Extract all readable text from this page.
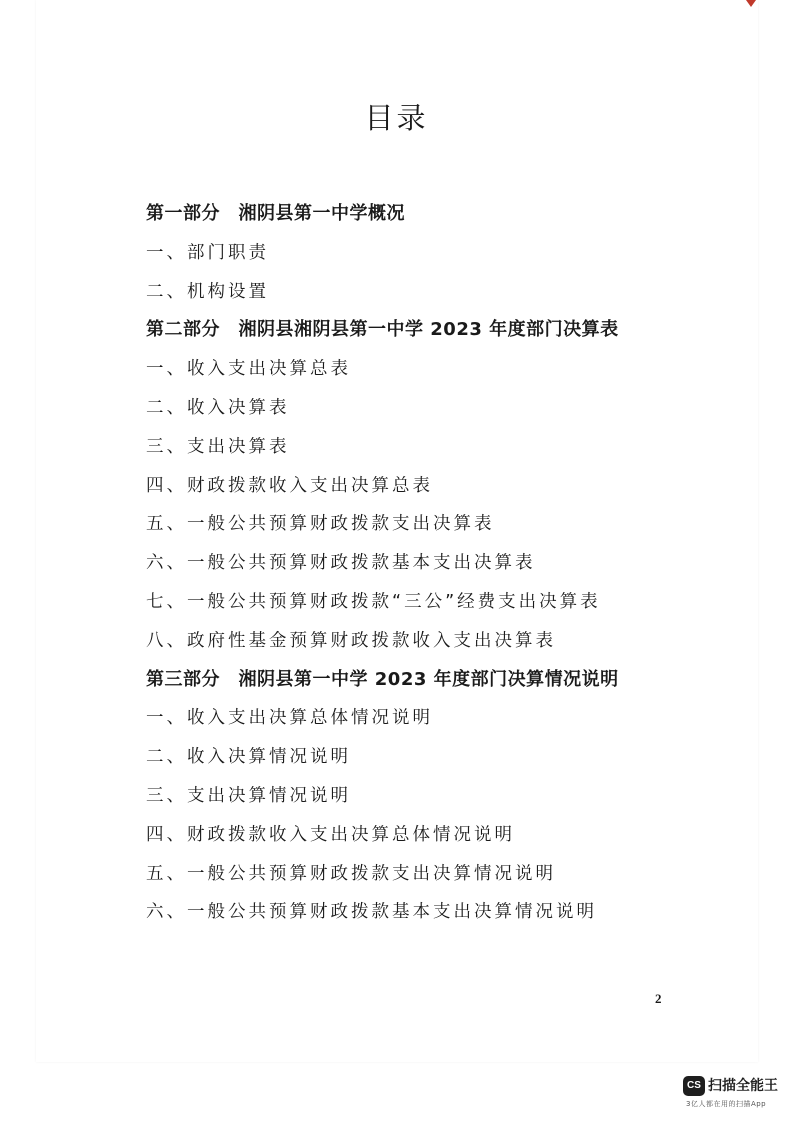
目录
第一部分　湘阴县第一中学概况
一、部门职责
二、机构设置
第二部分　湘阴县湘阴县第一中学 2023 年度部门决算表
一、收入支出决算总表
二、收入决算表
三、支出决算表
四、财政拨款收入支出决算总表
五、一般公共预算财政拨款支出决算表
六、一般公共预算财政拨款基本支出决算表
七、一般公共预算财政拨款“三公”经费支出决算表
八、政府性基金预算财政拨款收入支出决算表
第三部分　湘阴县第一中学 2023 年度部门决算情况说明
一、收入支出决算总体情况说明
二、收入决算情况说明
三、支出决算情况说明
四、财政拨款收入支出决算总体情况说明
五、一般公共预算财政拨款支出决算情况说明
六、一般公共预算财政拨款基本支出决算情况说明
2
CS 扫描全能王
3亿人都在用的扫描App
